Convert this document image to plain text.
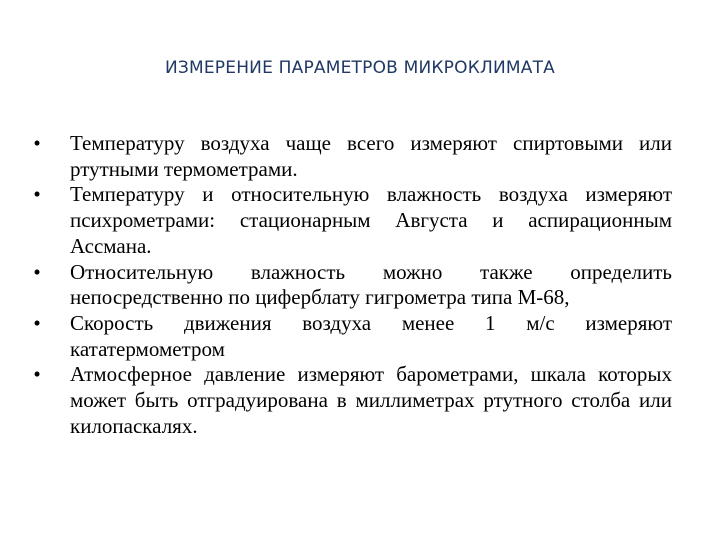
ИЗМЕРЕНИЕ ПАРАМЕТРОВ МИКРОКЛИМАТА
• Температуру воздуха чаще всего измеряют спиртовыми или ртутными термометрами.
• Температуру и относительную влажность воздуха измеряют психрометрами: стационарным Августа и аспирационным Ассмана.
• Относительную влажность можно также определить непосредственно по циферблату гигрометра типа М-68,
• Скорость движения воздуха менее 1 м/с измеряют кататермометром
• Атмосферное давление измеряют барометрами, шкала которых может быть отградуирована в миллиметрах ртутного столба или килопаскалях.
